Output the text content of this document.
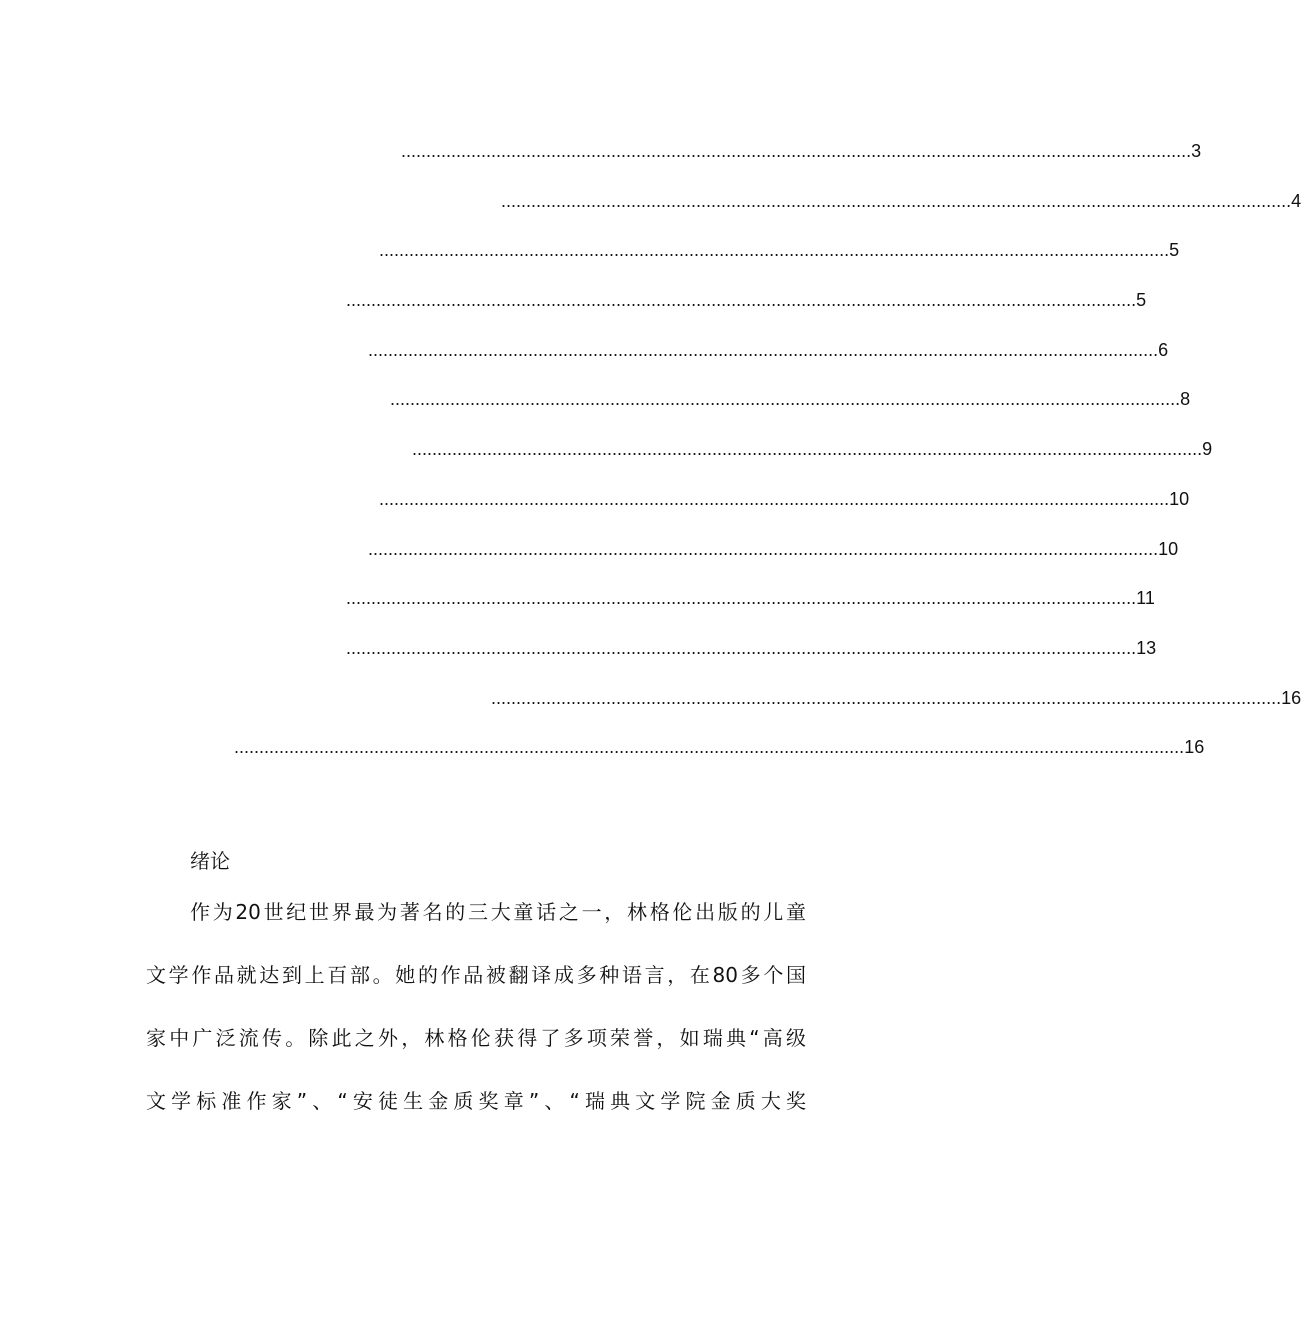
.............................................................................................................................................................. 3
.............................................................................................................................................................. 4
.............................................................................................................................................................. 5
.............................................................................................................................................................. 5
.............................................................................................................................................................. 6
.............................................................................................................................................................. 8
.............................................................................................................................................................. 9
.............................................................................................................................................................. 10
.............................................................................................................................................................. 10
.............................................................................................................................................................. 11
.............................................................................................................................................................. 13
.............................................................................................................................................................. 16
.............................................................................................................................................................................................. 16
绪论
作为20世纪世界最为著名的三大童话之一，林格伦出版的儿童
文学作品就达到上百部。她的作品被翻译成多种语言，在80多个国
家中广泛流传。除此之外，林格伦获得了多项荣誉，如瑞典“高级
文学标准作家”、“安徒生金质奖章”、“瑞典文学院金质大奖
